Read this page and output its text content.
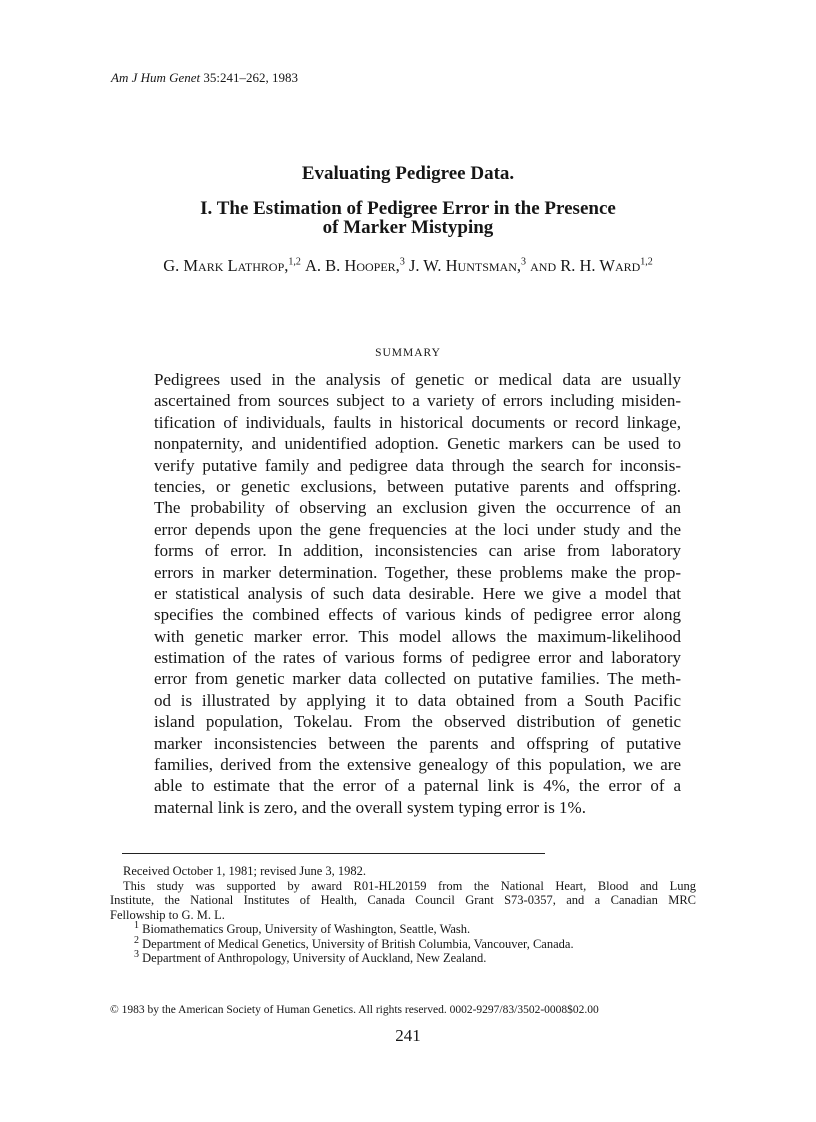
Am J Hum Genet 35:241–262, 1983
Evaluating Pedigree Data.
I. The Estimation of Pedigree Error in the Presence
of Marker Mistyping
G. Mark Lathrop,$^{1,2}$ A. B. Hooper,$^3$ J. W. Huntsman,$^3$ and R. H. Ward$^{1,2}$
SUMMARY
Pedigrees used in the analysis of genetic or medical data are usually
ascertained from sources subject to a variety of errors including misiden-
tification of individuals, faults in historical documents or record linkage,
nonpaternity, and unidentified adoption. Genetic markers can be used to
verify putative family and pedigree data through the search for inconsis-
tencies, or genetic exclusions, between putative parents and offspring.
The probability of observing an exclusion given the occurrence of an
error depends upon the gene frequencies at the loci under study and the
forms of error. In addition, inconsistencies can arise from laboratory
errors in marker determination. Together, these problems make the prop-
er statistical analysis of such data desirable. Here we give a model that
specifies the combined effects of various kinds of pedigree error along
with genetic marker error. This model allows the maximum-likelihood
estimation of the rates of various forms of pedigree error and laboratory
error from genetic marker data collected on putative families. The meth-
od is illustrated by applying it to data obtained from a South Pacific
island population, Tokelau. From the observed distribution of genetic
marker inconsistencies between the parents and offspring of putative
families, derived from the extensive genealogy of this population, we are
able to estimate that the error of a paternal link is 4%, the error of a
maternal link is zero, and the overall system typing error is 1%.
Received October 1, 1981; revised June 3, 1982.
This study was supported by award R01-HL20159 from the National Heart, Blood and Lung
Institute, the National Institutes of Health, Canada Council Grant S73-0357, and a Canadian MRC
Fellowship to G. M. L.
$^1$ Biomathematics Group, University of Washington, Seattle, Wash.
$^2$ Department of Medical Genetics, University of British Columbia, Vancouver, Canada.
$^3$ Department of Anthropology, University of Auckland, New Zealand.
© 1983 by the American Society of Human Genetics. All rights reserved. 0002-9297/83/3502-0008$02.00
241
